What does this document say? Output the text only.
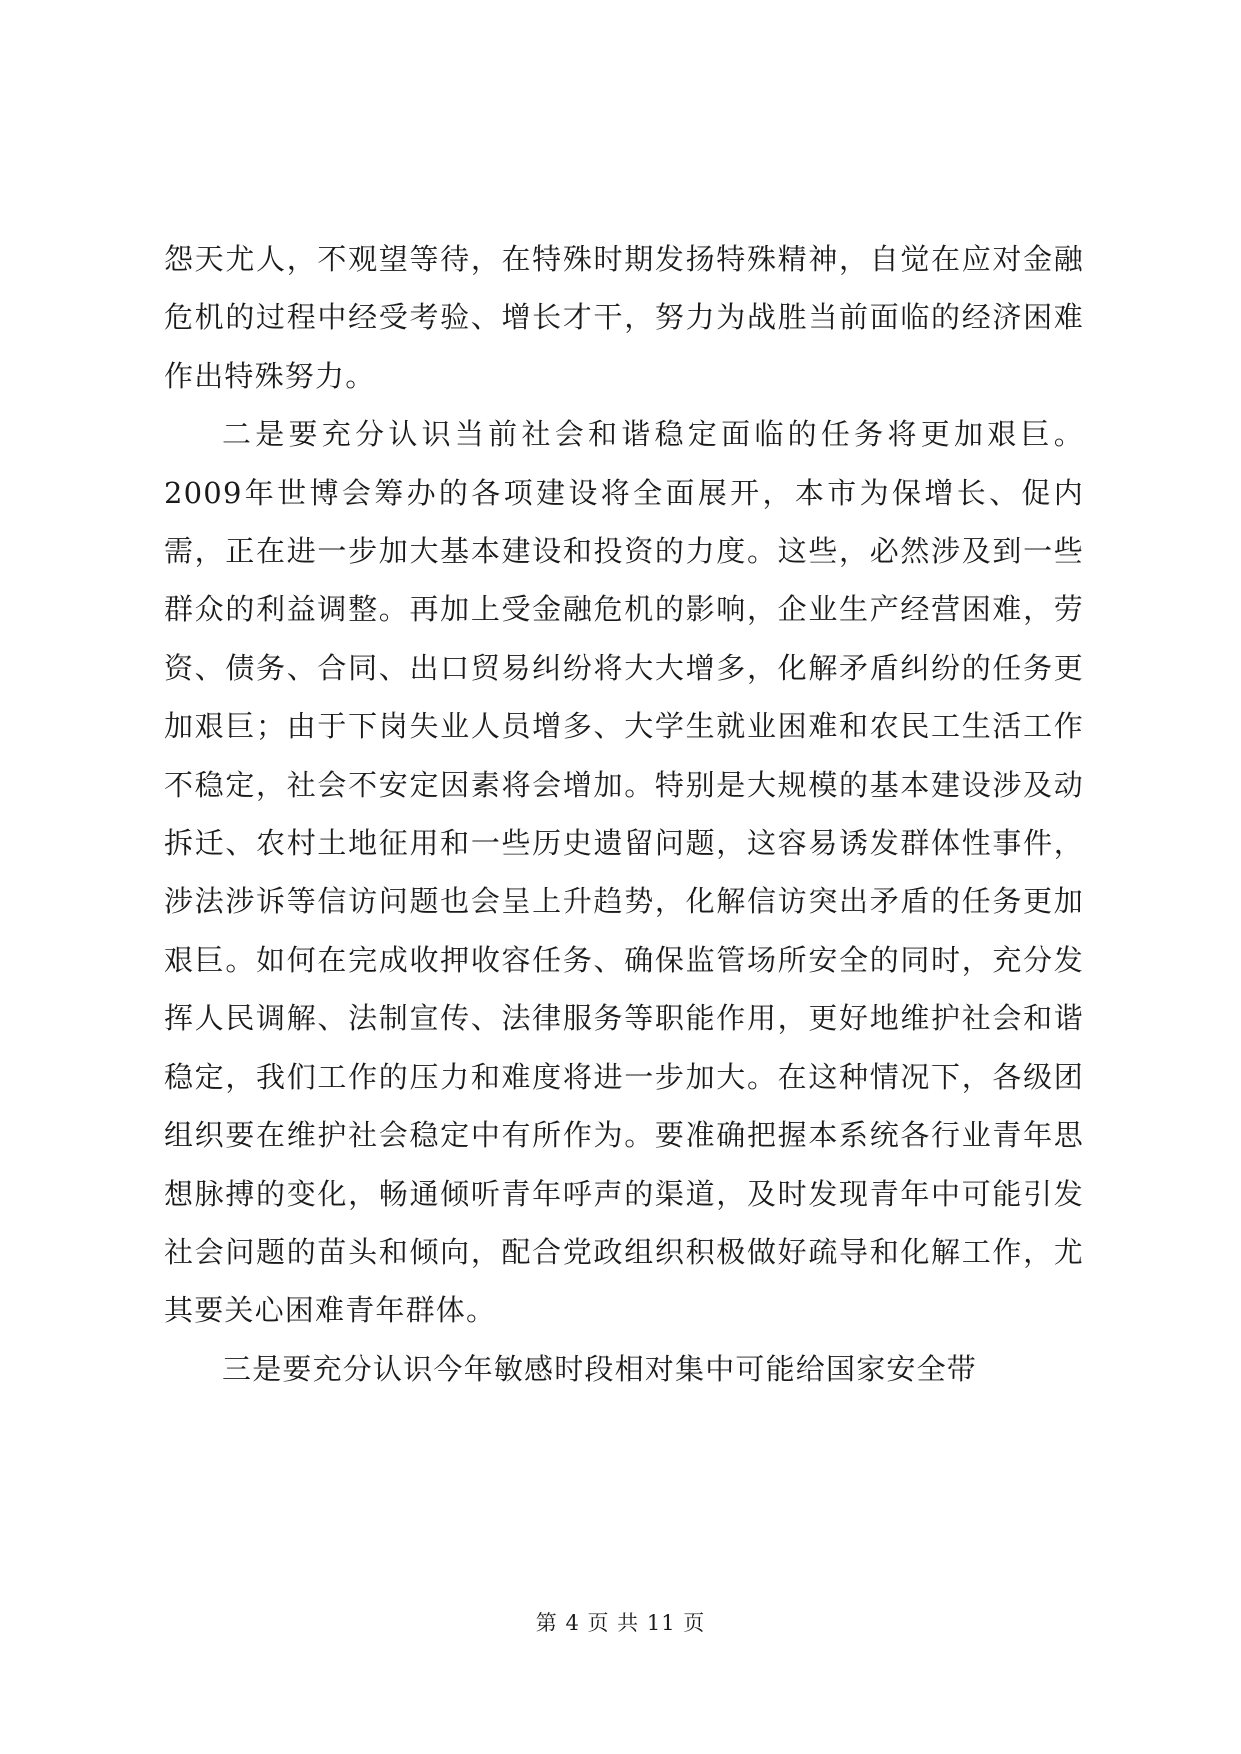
怨天尤人，不观望等待，在特殊时期发扬特殊精神，自觉在应对金融危机的过程中经受考验、增长才干，努力为战胜当前面临的经济困难作出特殊努力。

二是要充分认识当前社会和谐稳定面临的任务将更加艰巨。2009年世博会筹办的各项建设将全面展开，本市为保增长、促内需，正在进一步加大基本建设和投资的力度。这些，必然涉及到一些群众的利益调整。再加上受金融危机的影响，企业生产经营困难，劳资、债务、合同、出口贸易纠纷将大大增多，化解矛盾纠纷的任务更加艰巨；由于下岗失业人员增多、大学生就业困难和农民工生活工作不稳定，社会不安定因素将会增加。特别是大规模的基本建设涉及动拆迁、农村土地征用和一些历史遗留问题，这容易诱发群体性事件，涉法涉诉等信访问题也会呈上升趋势，化解信访突出矛盾的任务更加艰巨。如何在完成收押收容任务、确保监管场所安全的同时，充分发挥人民调解、法制宣传、法律服务等职能作用，更好地维护社会和谐稳定，我们工作的压力和难度将进一步加大。在这种情况下，各级团组织要在维护社会稳定中有所作为。要准确把握本系统各行业青年思想脉搏的变化，畅通倾听青年呼声的渠道，及时发现青年中可能引发社会问题的苗头和倾向，配合党政组织积极做好疏导和化解工作，尤其要关心困难青年群体。

三是要充分认识今年敏感时段相对集中可能给国家安全带

第 4 页 共 11 页
